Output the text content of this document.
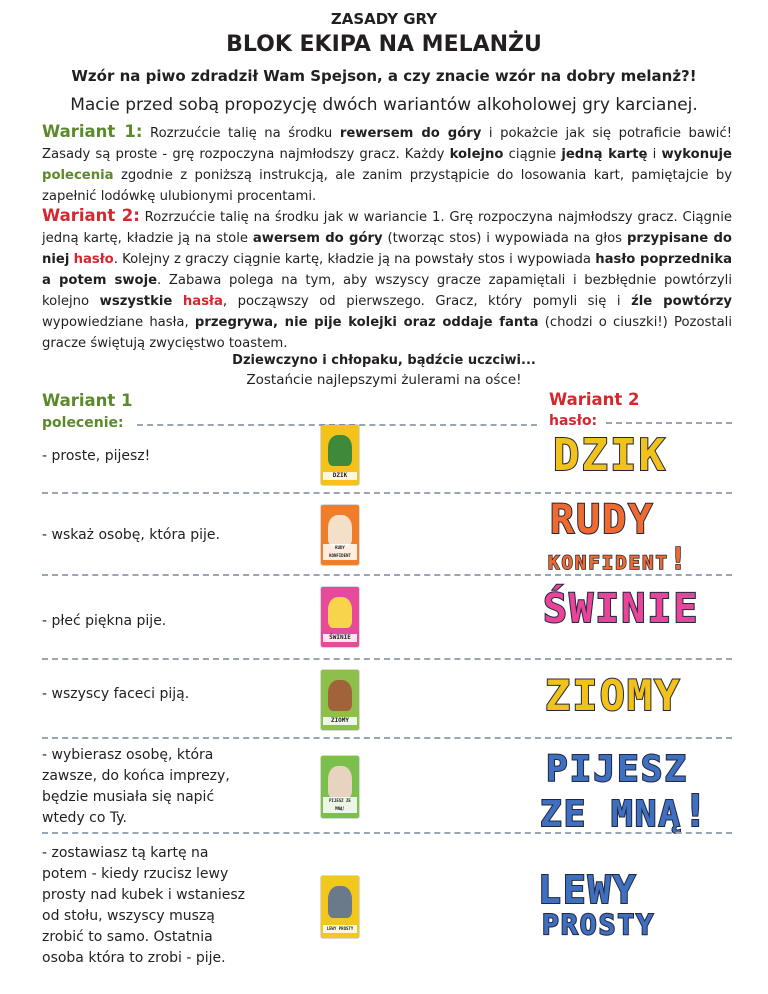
ZASADY GRY
BLOK EKIPA NA MELANŻU
Wzór na piwo zdradził Wam Spejson, a czy znacie wzór na dobry melanż?!
Macie przed sobą propozycję dwóch wariantów alkoholowej gry karcianej.
Wariant 1: Rozrzućcie talię na środku rewersem do góry i pokażcie jak się potraficie bawić! Zasady są proste - grę rozpoczyna najmłodszy gracz. Każdy kolejno ciągnie jedną kartę i wykonuje polecenia zgodnie z poniższą instrukcją, ale zanim przystąpicie do losowania kart, pamiętajcie by zapełnić lodówkę ulubionymi procentami.
Wariant 2: Rozrzućcie talię na środku jak w wariancie 1. Grę rozpoczyna najmłodszy gracz. Ciągnie jedną kartę, kładzie ją na stole awersem do góry (tworząc stos) i wypowiada na głos przypisane do niej hasło. Kolejny z graczy ciągnie kartę, kładzie ją na powstały stos i wypowiada hasło poprzednika a potem swoje. Zabawa polega na tym, aby wszyscy gracze zapamiętali i bezbłędnie powtórzyli kolejno wszystkie hasła, począwszy od pierwszego. Gracz, który pomyli się i źle powtórzy wypowiedziane hasła, przegrywa, nie pije kolejki oraz oddaje fanta (chodzi o ciuszki!) Pozostali gracze świętują zwycięstwo toastem.
Dziewczyno i chłopaku, bądźcie uczciwi...
Zostańcie najlepszymi żulerami na ośce!
Wariant 1
polecenie:
Wariant 2
hasło:
- proste, pijesz!
DZIK	DZIK
- wskaż osobę, która pije.
RUDY KONFIDENT
RUDY
KONFIDENT!
- płeć piękna pije.
ŚWINIE
ŚWINIE
- wszyscy faceci piją.
ZIOMY
ZIOMY
- wybierasz osobę, która zawsze, do końca imprezy, będzie musiała się napić wtedy co Ty.
PIJESZ ZE MNĄ!
PIJESZ
ZE MNĄ!
- zostawiasz tą kartę na potem - kiedy rzucisz lewy prosty nad kubek i wstaniesz od stołu, wszyscy muszą zrobić to samo. Ostatnia osoba która to zrobi - pije.
LEWY PROSTY
LEWY
PROSTY
